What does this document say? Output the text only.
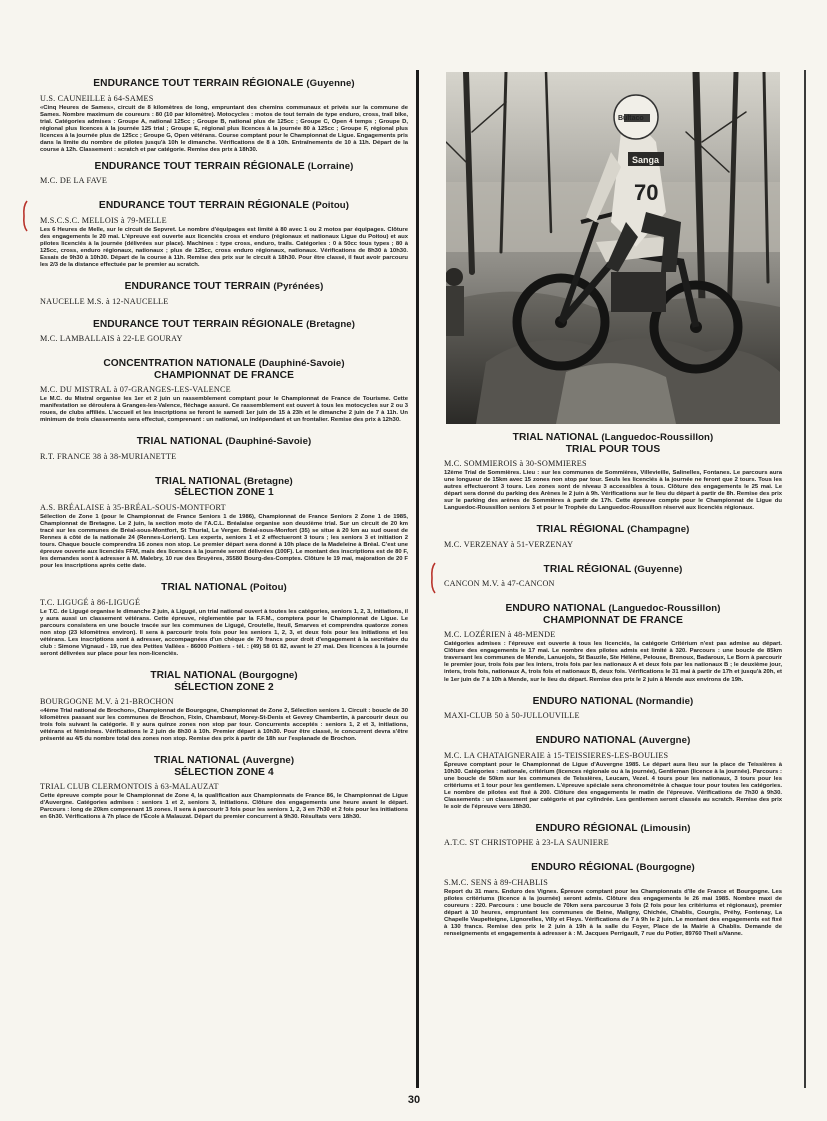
Bultaco
Sanga
70
ENDURANCE TOUT TERRAIN RÉGIONALE (Guyenne)
U.S. CAUNEILLE à 64-SAMES
«Cinq Heures de Sames», circuit de 8 kilomètres de long, empruntant des chemins communaux et privés sur la commune de Sames. Nombre maximum de coureurs : 80 (10 par kilomètre). Motocycles : motos de tout terrain de type enduro, cross, trail bike, trial. Catégories admises : Groupe A, national 125cc ; Groupe B, national plus de 125cc ; Groupe C, Open 4 temps ; Groupe D, régional plus licences à la journée 125 trial ; Groupe E, régional plus licences à la journée 80 à 125cc ; Groupe F, régional plus licences à la journée plus de 125cc ; Groupe G, Open vétérans. Course comptant pour le Championnat de Ligue. Engagements pris dans la limite du nombre de pilotes jusqu'à 10h le dimanche. Vérifications de 8 à 10h. Entraînements de 10 à 11h. Départ de la course à 12h. Classement : scratch et par catégorie. Remise des prix à 18h30.
ENDURANCE TOUT TERRAIN RÉGIONALE (Lorraine)
M.C. DE LA FAVE
ENDURANCE TOUT TERRAIN RÉGIONALE (Poitou)
M.S.C.S.C. MELLOIS à 79-MELLE
Les 6 Heures de Melle, sur le circuit de Sepvret. Le nombre d'équipages est limité à 80 avec 1 ou 2 motos par équipages. Clôture des engagements le 20 mai. L'épreuve est ouverte aux licenciés cross et enduro (régionaux et nationaux Ligue du Poitou) et aux pilotes licenciés à la journée (délivrées sur place). Machines : type cross, enduro, trails. Catégories : 0 à 50cc tous types ; 80 à 125cc, cross, enduro régionaux, nationaux ; plus de 125cc, cross enduro régionaux, nationaux. Vérifications de 8h30 à 10h30. Essais de 9h30 à 10h30. Départ de la course à 11h. Remise des prix sur le circuit à 18h30. Pour être classé, il faut avoir parcouru les 2/3 de la distance effectuée par le premier au scratch.
ENDURANCE TOUT TERRAIN (Pyrénées)
NAUCELLE M.S. à 12-NAUCELLE
ENDURANCE TOUT TERRAIN RÉGIONALE (Bretagne)
M.C. LAMBALLAIS à 22-LE GOURAY
CONCENTRATION NATIONALE (Dauphiné-Savoie)
CHAMPIONNAT DE FRANCE
M.C. DU MISTRAL à 07-GRANGES-LES-VALENCE
Le M.C. du Mistral organise les 1er et 2 juin un rassemblement comptant pour le Championnat de France de Tourisme. Cette manifestation se déroulera à Granges-les-Valence, fléchage assuré. Ce rassemblement est ouvert à tous les motocycles sur 2 ou 3 roues, de clubs affiliés. L'accueil et les inscriptions se feront le samedi 1er juin de 15 à 23h et le dimanche 2 juin de 7 à 11h. Un minimum de trois classements sera effectué, comprenant : un national, un indépendant et un frontalier. Remise des prix à 12h30.
TRIAL NATIONAL (Dauphiné-Savoie)
R.T. FRANCE 38 à 38-MURIANETTE
TRIAL NATIONAL (Bretagne)
SÉLECTION ZONE 1
A.S. BRÉALAISE à 35-BRÉAL-SOUS-MONTFORT
Sélection de Zone 1 (pour le Championnat de France Seniors 1 de 1986), Championnat de France Seniors 2 Zone 1 de 1985, Championnat de Bretagne. Le 2 juin, la section moto de l'A.C.L. Bréalaise organise son deuxième trial. Sur un circuit de 20 km tracé sur les communes de Bréal-sous-Montfort, St Thurial, Le Verger. Bréal-sous-Monfort (35) se situe à 20 km au sud ouest de Rennes à côté de la nationale 24 (Rennes-Lorient). Les experts, seniors 1 et 2 effectueront 3 tours ; les seniors 3 et initiation 2 tours. Chaque boucle comprendra 16 zones non stop. Le premier départ sera donné à 10h place de la Madeleine à Bréal. C'est une épreuve ouverte aux licenciés FFM, mais des licences à la journée seront délivrées (100F). Le montant des inscriptions est de 80 F, les demandes sont à adresser à M. Malebry, 10 rue des Bruyères, 35580 Bourg-des-Comptes. Clôture le 19 mai, majoration de 20 F pour les inscriptions après cette date.
TRIAL NATIONAL (Poitou)
T.C. LIGUGÉ à 86-LIGUGÉ
Le T.C. de Ligugé organise le dimanche 2 juin, à Ligugé, un trial national ouvert à toutes les catégories, seniors 1, 2, 3, initiations, il y aura aussi un classement vétérans. Cette épreuve, réglementée par la F.F.M., comptera pour le Championnat de Ligue. Le parcours consistera en une boucle tracée sur les communes de Ligugé, Croutelle, Iteuil, Smarves et comprendra quatorze zones non stop (23 kilomètres environ). Il sera à parcourir trois fois pour les seniors 1, 2, 3, et deux fois pour les initiations et les vétérans. Les inscriptions sont à adresser, accompagnées d'un chèque de 70 francs pour droit d'engagement à la secrétaire du club : Simone Vignaud - 19, rue des Petites Vallées - 86000 Poitiers - tél. : (49) 58 01 82, avant le 27 mai. Des licences à la journée seront délivrées sur place pour les non-licenciés.
TRIAL NATIONAL (Bourgogne)
SÉLECTION ZONE 2
BOURGOGNE M.V. à 21-BROCHON
«4ème Trial national de Brochon», Championnat de Bourgogne, Championnat de Zone 2, Sélection seniors 1. Circuit : boucle de 30 kilomètres passant sur les communes de Brochon, Fixin, Chambœuf, Morey-St-Denis et Gevrey Chambertin, à parcourir deux ou trois fois suivant la catégorie. Il y aura quinze zones non stop par tour. Concurrents acceptés : seniors 1, 2 et 3, initiations, vétérans et féminines. Vérifications le 2 juin de 8h30 à 10h. Premier départ à 10h30. Pour être classé, le concurrent devra s'être présenté au 4/5 du nombre total des zones non stop. Remise des prix à partir de 18h sur l'esplanade de Brochon.
TRIAL NATIONAL (Auvergne)
SÉLECTION ZONE 4
TRIAL CLUB CLERMONTOIS à 63-MALAUZAT
Cette épreuve compte pour le Championnat de Zone 4, la qualification aux Championnats de France 86, le Championnat de Ligue d'Auvergne. Catégories admises : seniors 1 et 2, seniors 3, initiations. Clôture des engagements une heure avant le départ. Parcours : long de 20km comprenant 15 zones. Il sera à parcourir 3 fois pour les seniors 1, 2, 3 en 7h30 et 2 fois pour les initiations en 6h30. Vérifications à 7h place de l'École à Malauzat. Départ du premier concurrent à 9h30. Résultats vers 18h30.
TRIAL NATIONAL (Languedoc-Roussillon)
TRIAL POUR TOUS
M.C. SOMMIEROIS à 30-SOMMIERES
12ème Trial de Sommières. Lieu : sur les communes de Sommières, Villevieille, Salinelles, Fontanes. Le parcours aura une longueur de 15km avec 15 zones non stop par tour. Seuls les licenciés à la journée ne feront que 2 tours. Tous les autres effectueront 3 tours. Les zones sont de niveau 3 accessibles à tous. Clôture des engagements le 25 mai. Le départ sera donné du parking des Arènes le 2 juin à 9h. Vérifications sur le lieu du départ à partir de 8h. Remise des prix sur le parking des arènes de Sommières à partir de 17h. Cette épreuve compte pour le Championnat de Ligue du Languedoc-Roussillon seniors 3 et pour le Trophée du Languedoc-Roussillon réservé aux licenciés régionaux.
TRIAL RÉGIONAL (Champagne)
M.C. VERZENAY à 51-VERZENAY
TRIAL RÉGIONAL (Guyenne)
CANCON M.V. à 47-CANCON
ENDURO NATIONAL (Languedoc-Roussillon)
CHAMPIONNAT DE FRANCE
M.C. LOZÉRIEN à 48-MENDE
Catégories admises : l'épreuve est ouverte à tous les licenciés, la catégorie Critérium n'est pas admise au départ. Clôture des engagements le 17 mai. Le nombre des pilotes admis est limité à 320. Parcours : une boucle de 85km traversant les communes de Mende, Lanuejols, St Bauzile, Ste Hélène, Pelouse, Brenoux, Badaroux, Le Born à parcourir le premier jour, trois fois par les inters, trois fois par les nationaux A et deux fois par les nationaux B ; le deuxième jour, inters, trois fois, nationaux A, trois fois et nationaux B, deux fois. Vérifications le 31 mai à partir de 17h et jusqu'à 20h, et le 1er juin de 7 à 10h à Mende, sur le lieu du départ. Remise des prix le 2 juin à Mende aux environs de 19h.
ENDURO NATIONAL (Normandie)
MAXI-CLUB 50 à 50-JULLOUVILLE
ENDURO NATIONAL (Auvergne)
M.C. LA CHATAIGNERAIE à 15-TEISSIERES-LES-BOULIES
Épreuve comptant pour le Championnat de Ligue d'Auvergne 1985. Le départ aura lieu sur la place de Teissières à 10h30. Catégories : nationale, critérium (licences régionale ou à la journée), Gentleman (licence à la journée). Parcours : une boucle de 50km sur les communes de Teissières, Leucam, Vezel. 4 tours pour les nationaux, 3 tours pour les critériums et 1 tour pour les gentlemen. L'épreuve spéciale sera chronométrée à chaque tour pour toutes les catégories. Le nombre de pilotes est fixé à 200. Clôture des engagements le matin de l'épreuve. Vérifications de 7h30 à 9h30. Classements : un classement par catégorie et par cylindrée. Les gentlemen seront classés au scratch. Remise des prix le soir de l'épreuve vers 18h30.
ENDURO RÉGIONAL (Limousin)
A.T.C. ST CHRISTOPHE à 23-LA SAUNIERE
ENDURO RÉGIONAL (Bourgogne)
S.M.C. SENS à 89-CHABLIS
Report du 31 mars. Enduro des Vignes. Épreuve comptant pour les Championnats d'Ile de France et Bourgogne. Les pilotes critériums (licence à la journée) seront admis. Clôture des engagements le 26 mai 1985. Nombre maxi de coureurs : 220. Parcours : une boucle de 70km sera parcourue 3 fois (2 fois pour les critériums et régionaux), premier départ à 10 heures, empruntant les communes de Beine, Maligny, Chichée, Chablis, Courgis, Préhy, Fontenay, La Chapelle Vaupelteigne, Lignorelles, Villy et Fleys. Vérifications de 7 à 9h le 2 juin. Le montant des engagements est fixé à 130 francs. Remise des prix le 2 juin à 19h à la salle du Foyer, Place de la Mairie à Chablis. Demande de renseignements et engagements à adresser à : M. Jacques Perrigault, 7 rue du Potier, 89760 Theil s/Vanne.
30
